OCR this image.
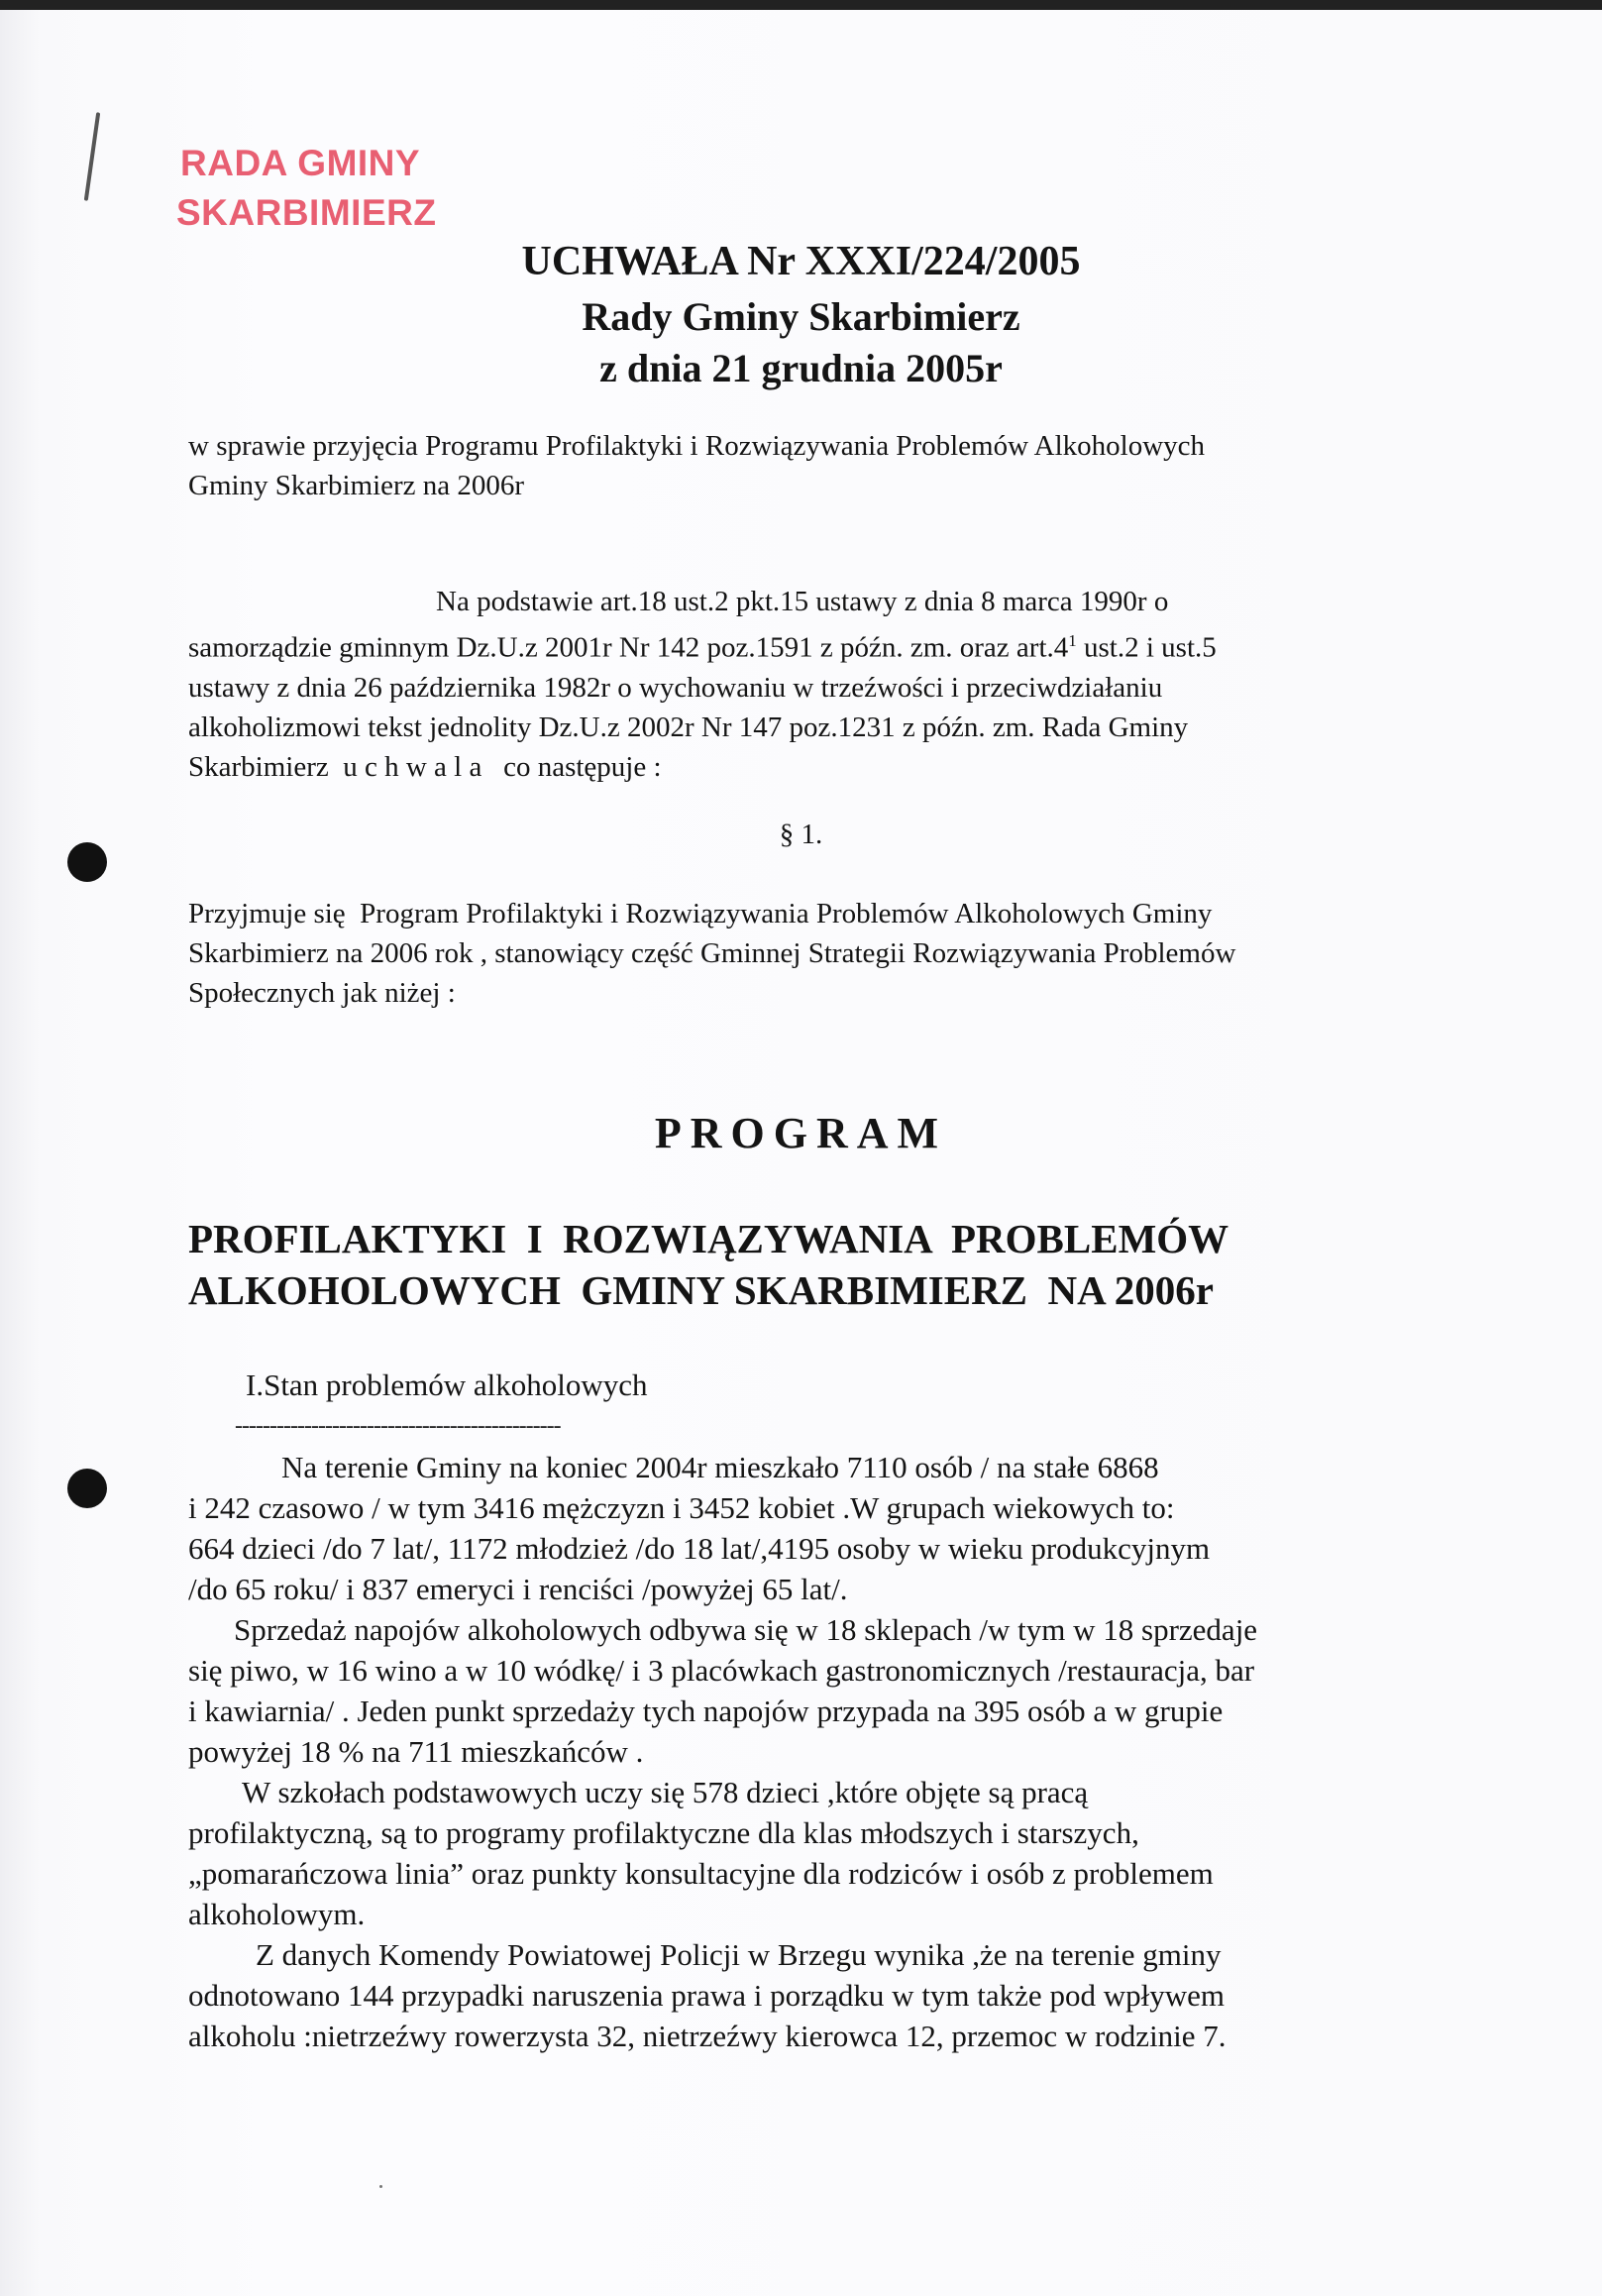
RADA GMINY
SKARBIMIERZ
UCHWAŁA Nr XXXI/224/2005
Rady Gminy Skarbimierz
z dnia 21 grudnia 2005r
w sprawie przyjęcia Programu Profilaktyki i Rozwiązywania Problemów Alkoholowych
Gminy Skarbimierz na 2006r
Na podstawie art.18 ust.2 pkt.15 ustawy z dnia 8 marca 1990r o
samorządzie gminnym Dz.U.z 2001r Nr 142 poz.1591 z późn. zm. oraz $art.4^1$ ust.2 i ust.5
ustawy z dnia 26 października 1982r o wychowaniu w trzeźwości i przeciwdziałaniu
alkoholizmowi tekst jednolity Dz.U.z 2002r Nr 147 poz.1231 z późn. zm. Rada Gminy
Skarbimierz  u c h w a l a   co następuje :
§ 1.
Przyjmuje się  Program Profilaktyki i Rozwiązywania Problemów Alkoholowych Gminy
Skarbimierz na 2006 rok , stanowiący część Gminnej Strategii Rozwiązywania Problemów
Społecznych jak niżej :
PROGRAM
PROFILAKTYKI  I  ROZWIĄZYWANIA  PROBLEMÓW
ALKOHOLOWYCH  GMINY SKARBIMIERZ  NA 2006r
I.Stan problemów alkoholowych
-----------------------------------------------

Na terenie Gminy na koniec 2004r mieszkało 7110 osób / na stałe 6868
i 242 czasowo / w tym 3416 mężczyzn i 3452 kobiet .W grupach wiekowych to:
664 dzieci /do 7 lat/, 1172 młodzież /do 18 lat/,4195 osoby w wieku produkcyjnym
/do 65 roku/ i 837 emeryci i renciści /powyżej 65 lat/.

Sprzedaż napojów alkoholowych odbywa się w 18 sklepach /w tym w 18 sprzedaje
się piwo, w 16 wino a w 10 wódkę/ i 3 placówkach gastronomicznych /restauracja, bar
i kawiarnia/ . Jeden punkt sprzedaży tych napojów przypada na 395 osób a w grupie
powyżej 18 % na 711 mieszkańców .

W szkołach podstawowych uczy się 578 dzieci ,które objęte są pracą
profilaktyczną, są to programy profilaktyczne dla klas młodszych i starszych,
„pomarańczowa linia” oraz punkty konsultacyjne dla rodziców i osób z problemem
alkoholowym.

Z danych Komendy Powiatowej Policji w Brzegu wynika ,że na terenie gminy
odnotowano 144 przypadki naruszenia prawa i porządku w tym także pod wpływem
alkoholu :nietrzeźwy rowerzysta 32, nietrzeźwy kierowca 12, przemoc w rodzinie 7.
